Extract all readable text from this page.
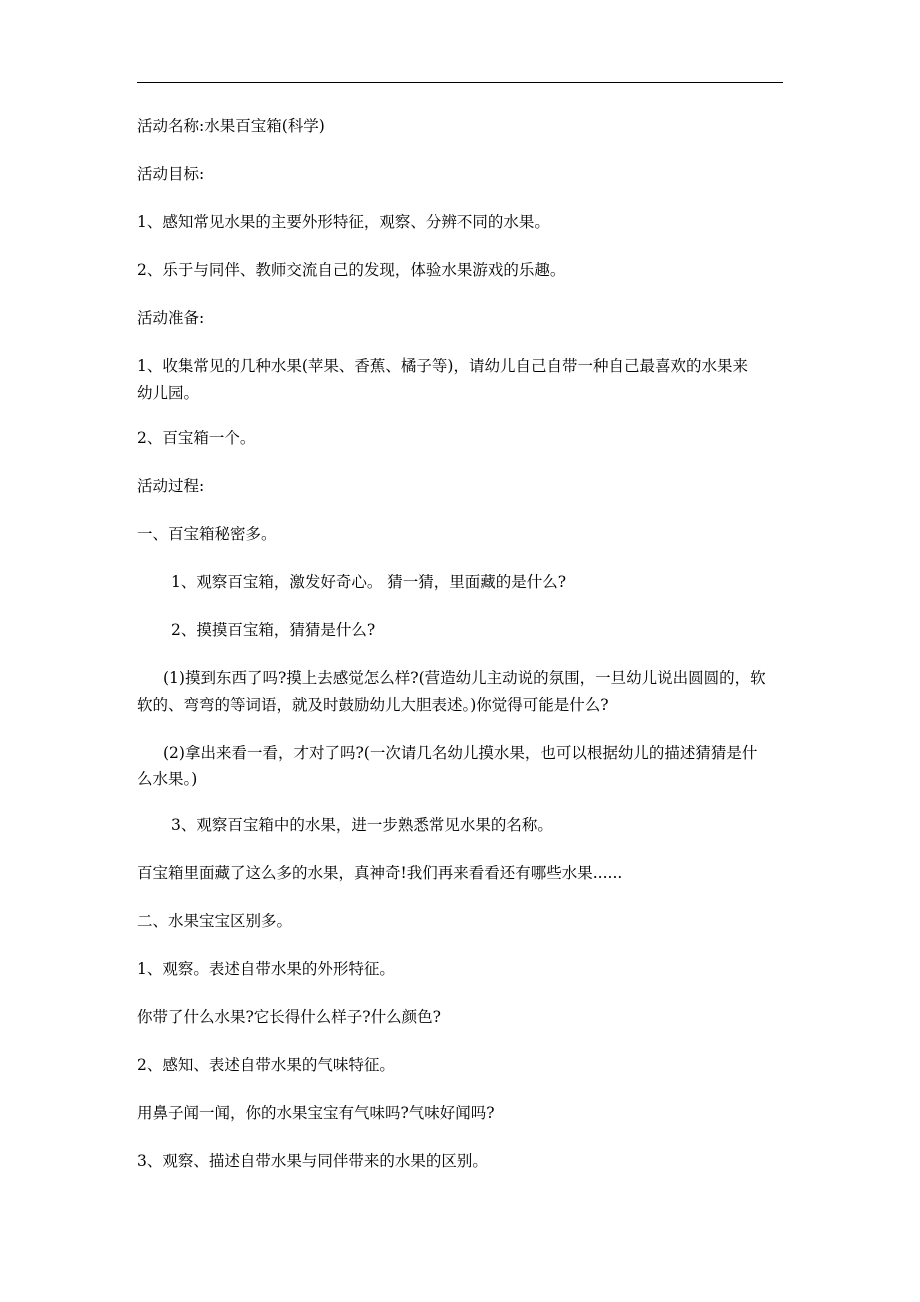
活动名称:水果百宝箱(科学)
活动目标:
1、感知常见水果的主要外形特征，观察、分辨不同的水果。
2、乐于与同伴、教师交流自己的发现，体验水果游戏的乐趣。
活动准备:
1、收集常见的几种水果(苹果、香蕉、橘子等)，请幼儿自己自带一种自己最喜欢的水果来
幼儿园。
2、百宝箱一个。
活动过程:
一、百宝箱秘密多。
1、观察百宝箱，激发好奇心。 猜一猜，里面藏的是什么?
2、摸摸百宝箱，猜猜是什么?
(1)摸到东西了吗?摸上去感觉怎么样?(营造幼儿主动说的氛围，一旦幼儿说出圆圆的，软
软的、弯弯的等词语，就及时鼓励幼儿大胆表述。)你觉得可能是什么?
(2)拿出来看一看，才对了吗?(一次请几名幼儿摸水果，也可以根据幼儿的描述猜猜是什
么水果。)
3、观察百宝箱中的水果，进一步熟悉常见水果的名称。
百宝箱里面藏了这么多的水果，真神奇!我们再来看看还有哪些水果......
二、水果宝宝区别多。
1、观察。表述自带水果的外形特征。
你带了什么水果?它长得什么样子?什么颜色?
2、感知、表述自带水果的气味特征。
用鼻子闻一闻，你的水果宝宝有气味吗?气味好闻吗?
3、观察、描述自带水果与同伴带来的水果的区别。
